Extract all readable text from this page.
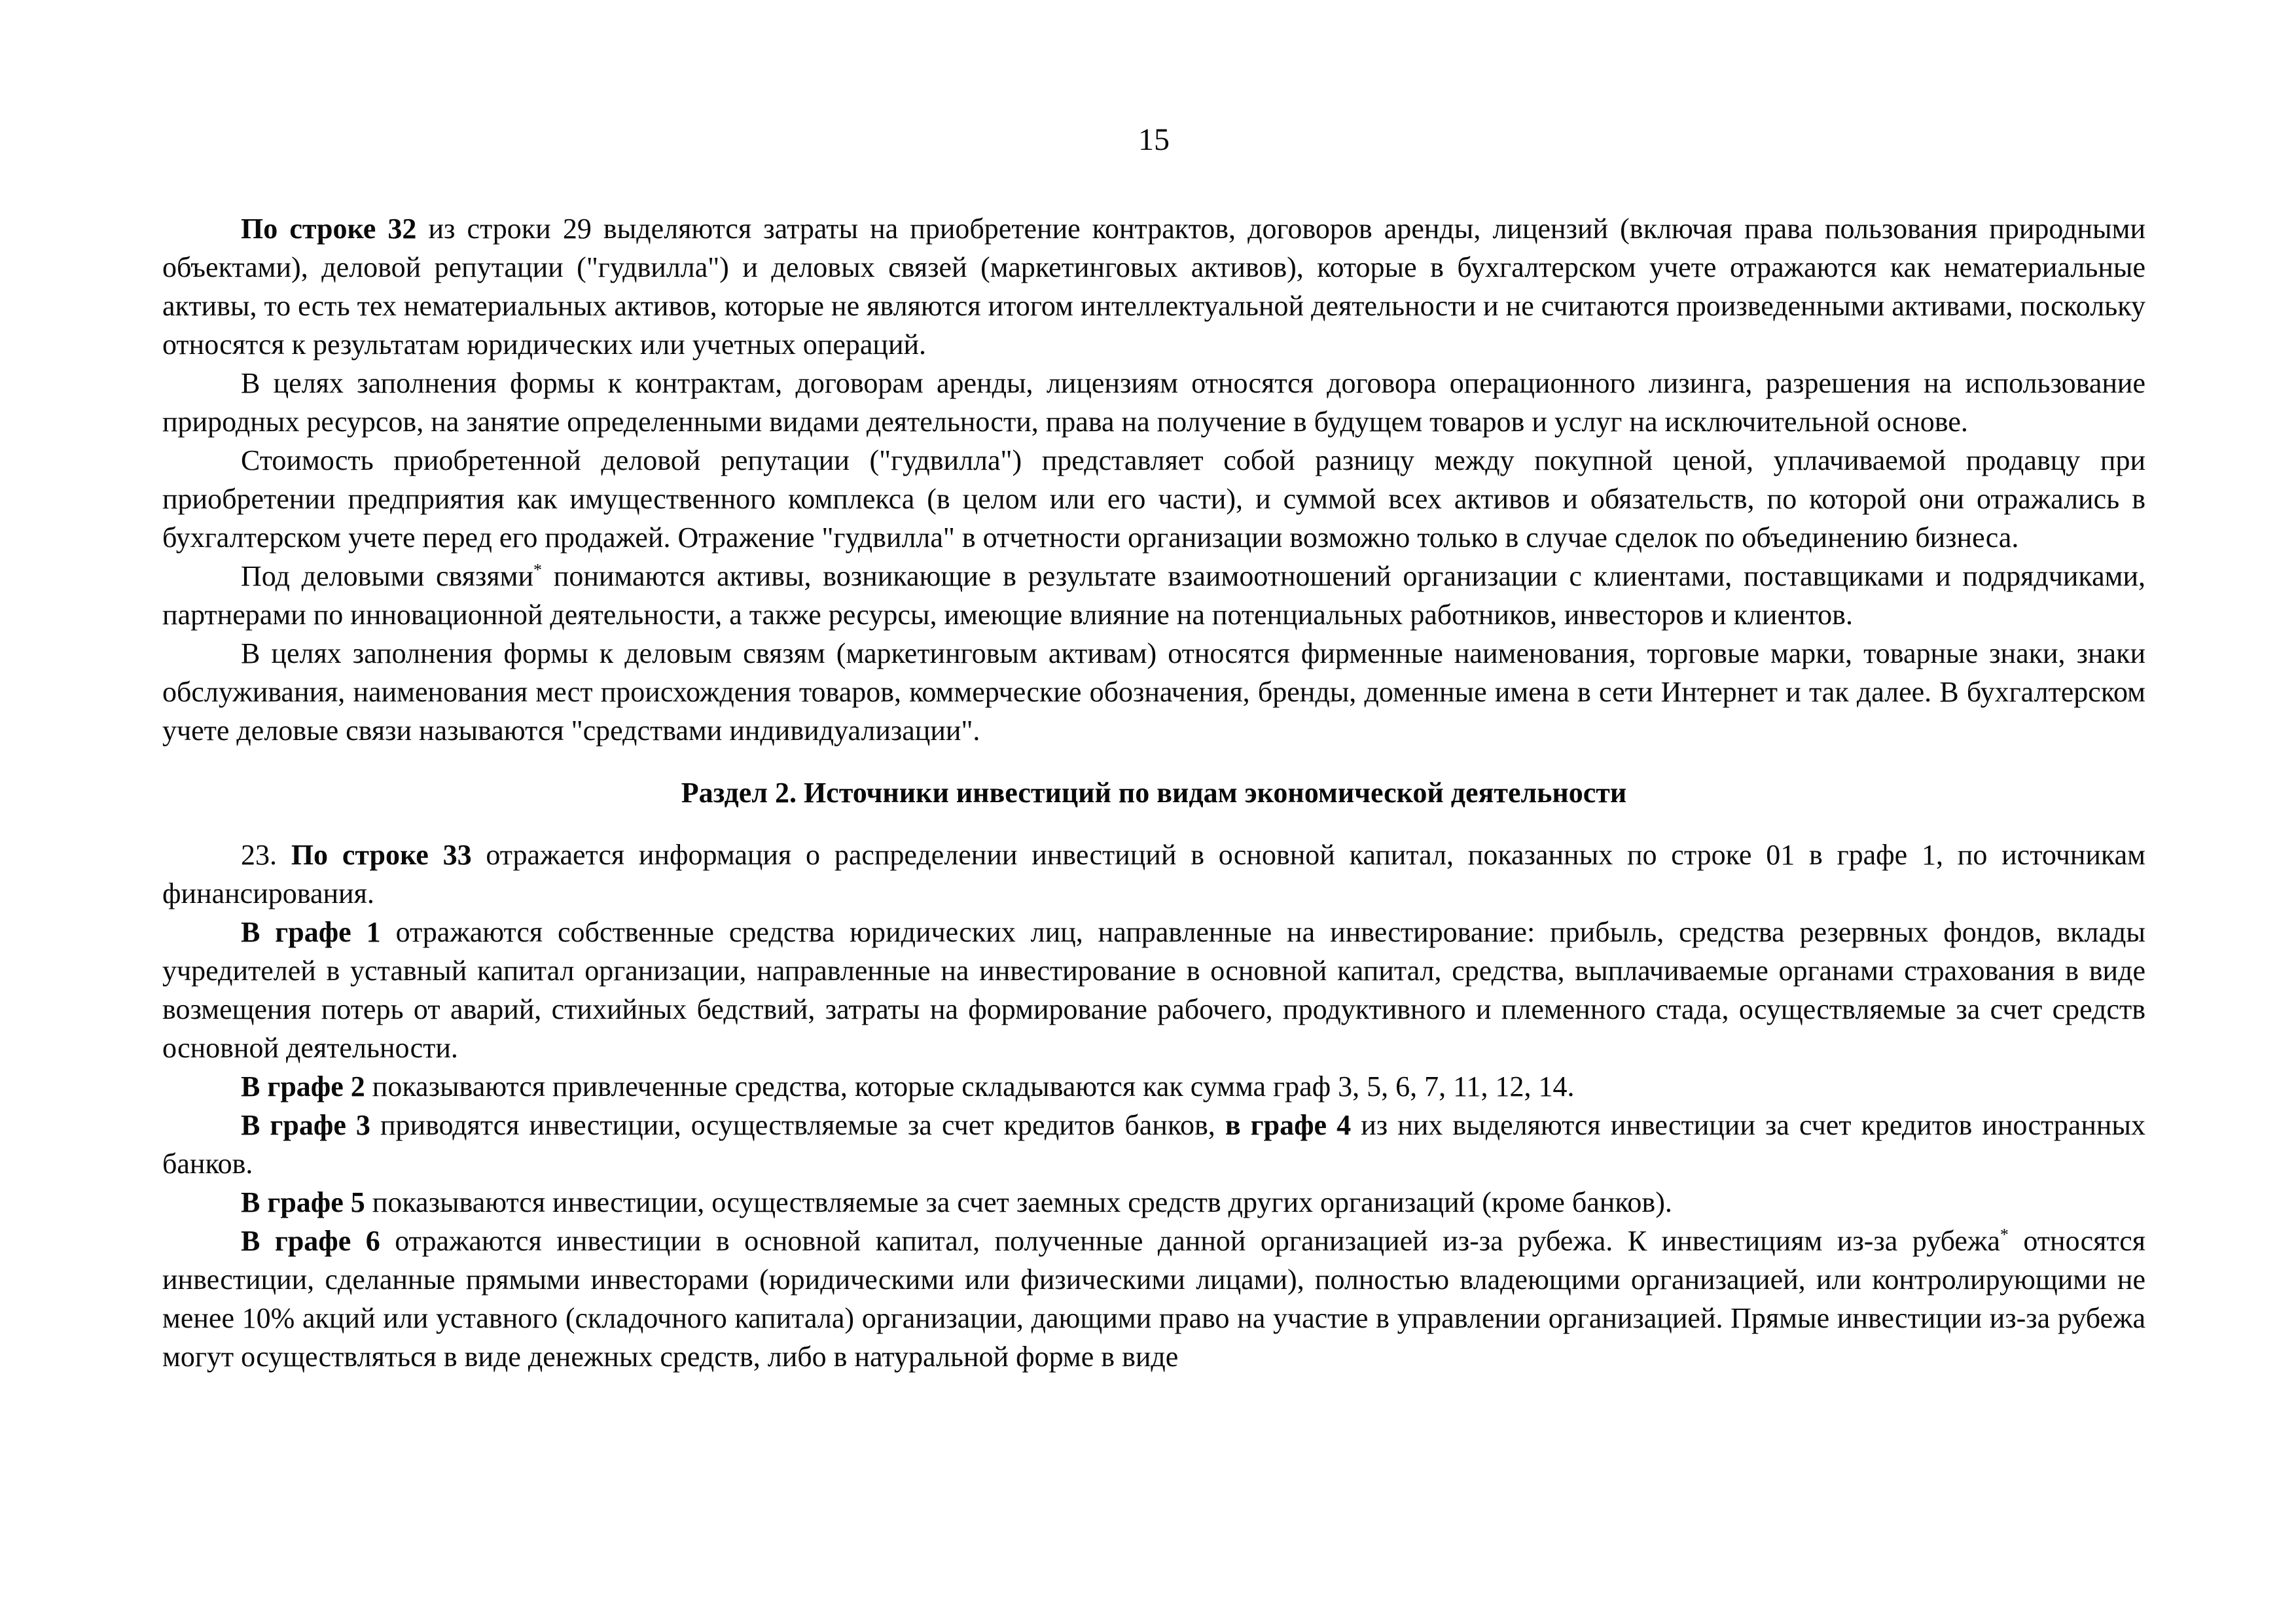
15

По строке 32 из строки 29 выделяются затраты на приобретение контрактов, договоров аренды, лицензий (включая права пользования природными объектами), деловой репутации ("гудвилла") и деловых связей (маркетинговых активов), которые в бухгалтерском учете отражаются как нематериальные активы, то есть тех нематериальных активов, которые не являются итогом интеллектуальной деятельности и не считаются произведенными активами, поскольку относятся к результатам юридических или учетных операций.

В целях заполнения формы к контрактам, договорам аренды, лицензиям относятся договора операционного лизинга, разрешения на использование природных ресурсов, на занятие определенными видами деятельности, права на получение в будущем товаров и услуг на исключительной основе.

Стоимость приобретенной деловой репутации ("гудвилла") представляет собой разницу между покупной ценой, уплачиваемой продавцу при приобретении предприятия как имущественного комплекса (в целом или его части), и суммой всех активов и обязательств, по которой они отражались в бухгалтерском учете перед его продажей. Отражение "гудвилла" в отчетности организации возможно только в случае сделок по объединению бизнеса.

Под деловыми связями* понимаются активы, возникающие в результате взаимоотношений организации с клиентами, поставщиками и подрядчиками, партнерами по инновационной деятельности, а также ресурсы, имеющие влияние на потенциальных работников, инвесторов и клиентов.

В целях заполнения формы к деловым связям (маркетинговым активам) относятся фирменные наименования, торговые марки, товарные знаки, знаки обслуживания, наименования мест происхождения товаров, коммерческие обозначения, бренды, доменные имена в сети Интернет и так далее. В бухгалтерском учете деловые связи называются "средствами индивидуализации".

Раздел 2. Источники инвестиций по видам экономической деятельности

23. По строке 33 отражается информация о распределении инвестиций в основной капитал, показанных по строке 01 в графе 1, по источникам финансирования.

В графе 1 отражаются собственные средства юридических лиц, направленные на инвестирование: прибыль, средства резервных фондов, вклады учредителей в уставный капитал организации, направленные на инвестирование в основной капитал, средства, выплачиваемые органами страхования в виде возмещения потерь от аварий, стихийных бедствий, затраты на формирование рабочего, продуктивного и племенного стада, осуществляемые за счет средств основной деятельности.

В графе 2 показываются привлеченные средства, которые складываются как сумма граф 3, 5, 6, 7, 11, 12, 14.

В графе 3 приводятся инвестиции, осуществляемые за счет кредитов банков, в графе 4 из них выделяются инвестиции за счет кредитов иностранных банков.

В графе 5 показываются инвестиции, осуществляемые за счет заемных средств других организаций (кроме банков).

В графе 6 отражаются инвестиции в основной капитал, полученные данной организацией из-за рубежа. К инвестициям из-за рубежа* относятся инвестиции, сделанные прямыми инвесторами (юридическими или физическими лицами), полностью владеющими организацией, или контролирующими не менее 10% акций или уставного (складочного капитала) организации, дающими право на участие в управлении организацией. Прямые инвестиции из-за рубежа могут осуществляться в виде денежных средств, либо в натуральной форме в виде
